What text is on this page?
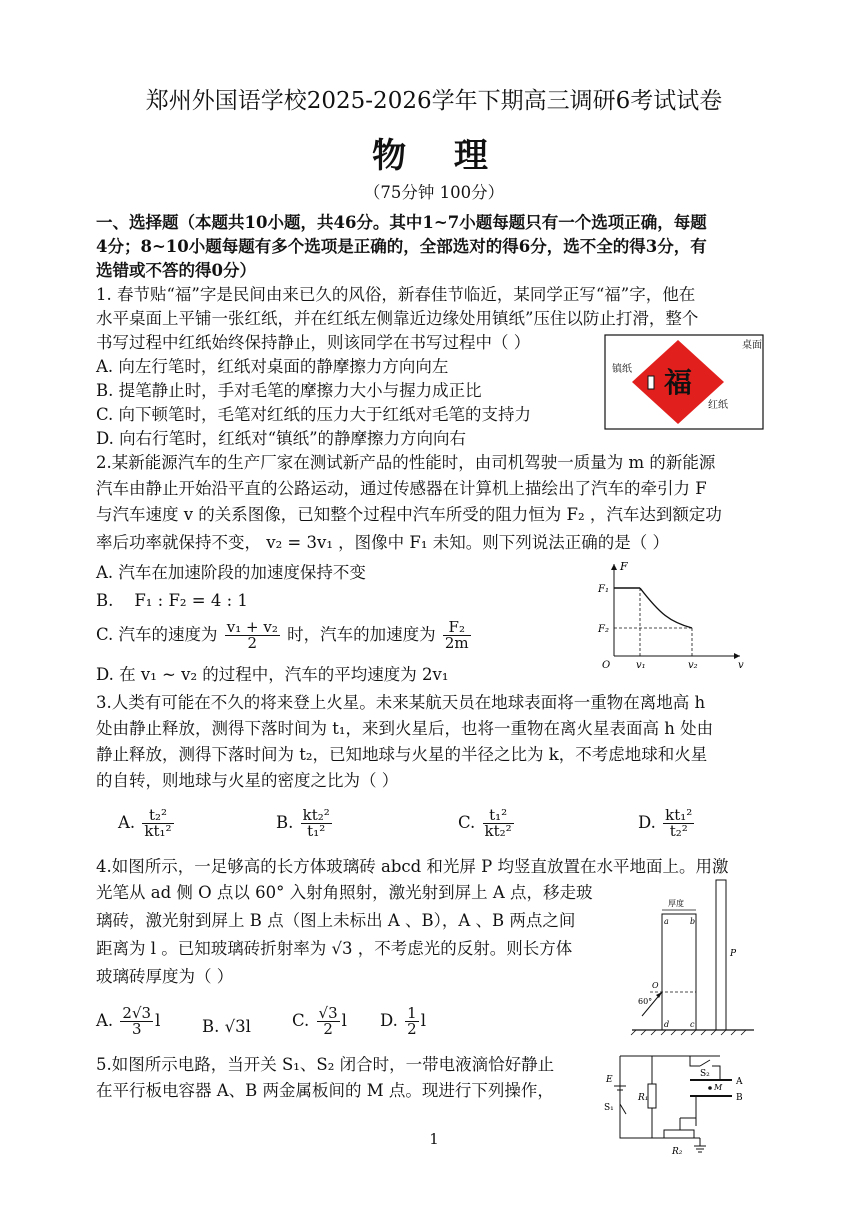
郑州外国语学校2025-2026学年下期高三调研6考试试卷
物  理
（75分钟 100分）
一、选择题（本题共10小题，共46分。其中1~7小题每题只有一个选项正确，每题
4分；8~10小题每题有多个选项是正确的，全部选对的得6分，选不全的得3分，有
选错或不答的得0分）
1. 春节贴“福”字是民间由来已久的风俗，新春佳节临近，某同学正写“福”字，他在
水平桌面上平铺一张红纸，并在红纸左侧靠近边缘处用镇纸”压住以防止打滑，整个
书写过程中红纸始终保持静止，则该同学在书写过程中（ ）
A. 向左行笔时，红纸对桌面的静摩擦力方向向左
B. 提笔静止时，手对毛笔的摩擦力大小与握力成正比
C. 向下顿笔时，毛笔对红纸的压力大于红纸对毛笔的支持力
D. 向右行笔时，红纸对“镇纸”的静摩擦力方向向右
福
桌面
镇纸
红纸
2.某新能源汽车的生产厂家在测试新产品的性能时，由司机驾驶一质量为 m 的新能源
汽车由静止开始沿平直的公路运动，通过传感器在计算机上描绘出了汽车的牵引力 F
与汽车速度 v 的关系图像，已知整个过程中汽车所受的阻力恒为 F₂ ，汽车达到额定功
率后功率就保持不变， v₂ = 3v₁ ，图像中 F₁ 未知。则下列说法正确的是（ ）
A. 汽车在加速阶段的加速度保持不变
B.    F₁ : F₂ = 4 : 1
C. 汽车的速度为 $\frac{\text{v₁ + v₂}}{2}$ 时，汽车的加速度为 $\frac{\text{F₂}}{2m}$
D. 在 v₁ ~ v₂ 的过程中，汽车的平均速度为 2v₁
F
F₁
F₂
O	v₁	v₂	v
3.人类有可能在不久的将来登上火星。未来某航天员在地球表面将一重物在离地高 h
处由静止释放，测得下落时间为 t₁，来到火星后，也将一重物在离火星表面高 h 处由
静止释放，测得下落时间为 t₂，已知地球与火星的半径之比为 k，不考虑地球和火星
的自转，则地球与火星的密度之比为（ ）
A. $\frac{\text{t₂²}}{\text{kt₁²}}$	B. $\frac{\text{kt₂²}}{\text{t₁²}}$	C. $\frac{\text{t₁²}}{\text{kt₂²}}$	D. $\frac{\text{kt₁²}}{\text{t₂²}}$
4.如图所示，一足够高的长方体玻璃砖 abcd 和光屏 P 均竖直放置在水平地面上。用激
光笔从 ad 侧 O 点以 60° 入射角照射，激光射到屏上 A 点，移走玻
璃砖，激光射到屏上 B 点（图上未标出 A 、B），A 、B 两点之间
距离为 l 。已知玻璃砖折射率为 √3 ，不考虑光的反射。则长方体
玻璃砖厚度为（ ）
A. $\frac{2√3}{3}$ l	B. √3l C. $\frac{√3}{2}$ l D. $\frac{1}{2}$ l
厚度
P
a	b
c
d
O
60°
5.如图所示电路，当开关 S₁、S₂ 闭合时，一带电液滴恰好静止
在平行板电容器 A、B 两金属板间的 M 点。现进行下列操作，
E
S₁
S₂
R₁
R₂
A
B
M
1
